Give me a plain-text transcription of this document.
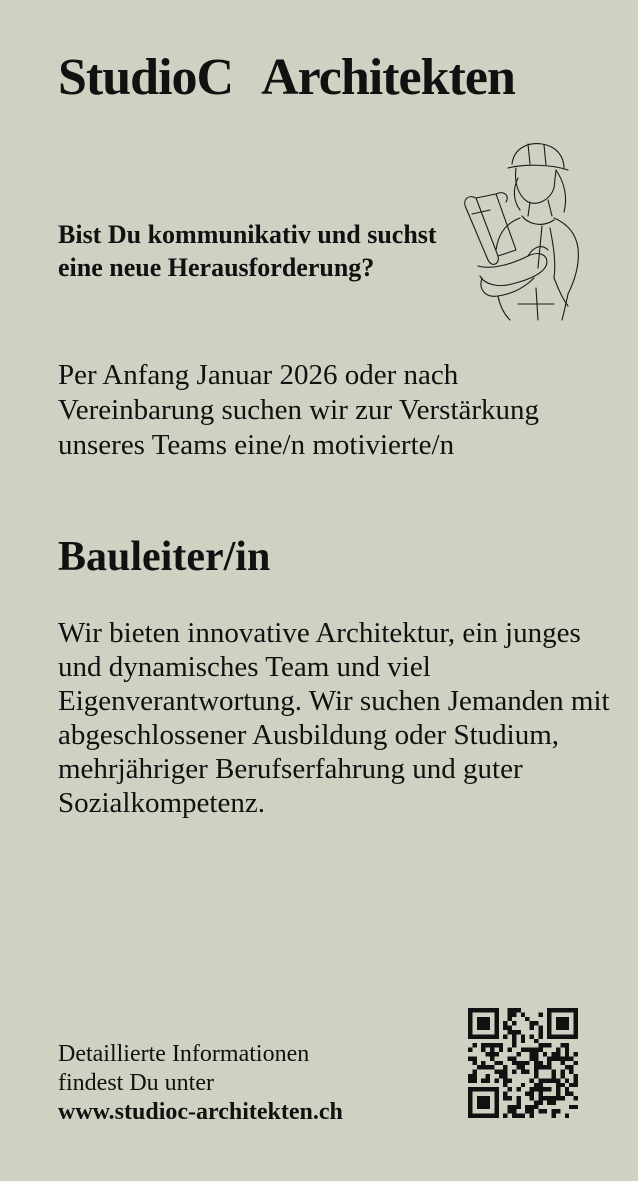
StudioC Architekten
Bist Du kommunikativ und suchst eine neue Herausforderung?
Per Anfang Januar 2026 oder nach Vereinbarung suchen wir zur Verstärkung unseres Teams eine/n motivierte/n
Bauleiter/in
Wir bieten innovative Architektur, ein junges und dynamisches Team und viel Eigenverantwortung. Wir suchen Jemanden mit abgeschlossener Ausbildung oder Studium, mehrjähriger Berufserfahrung und guter Sozialkompetenz.
Detaillierte Informationen
findest Du unter
www.studioc-architekten.ch
